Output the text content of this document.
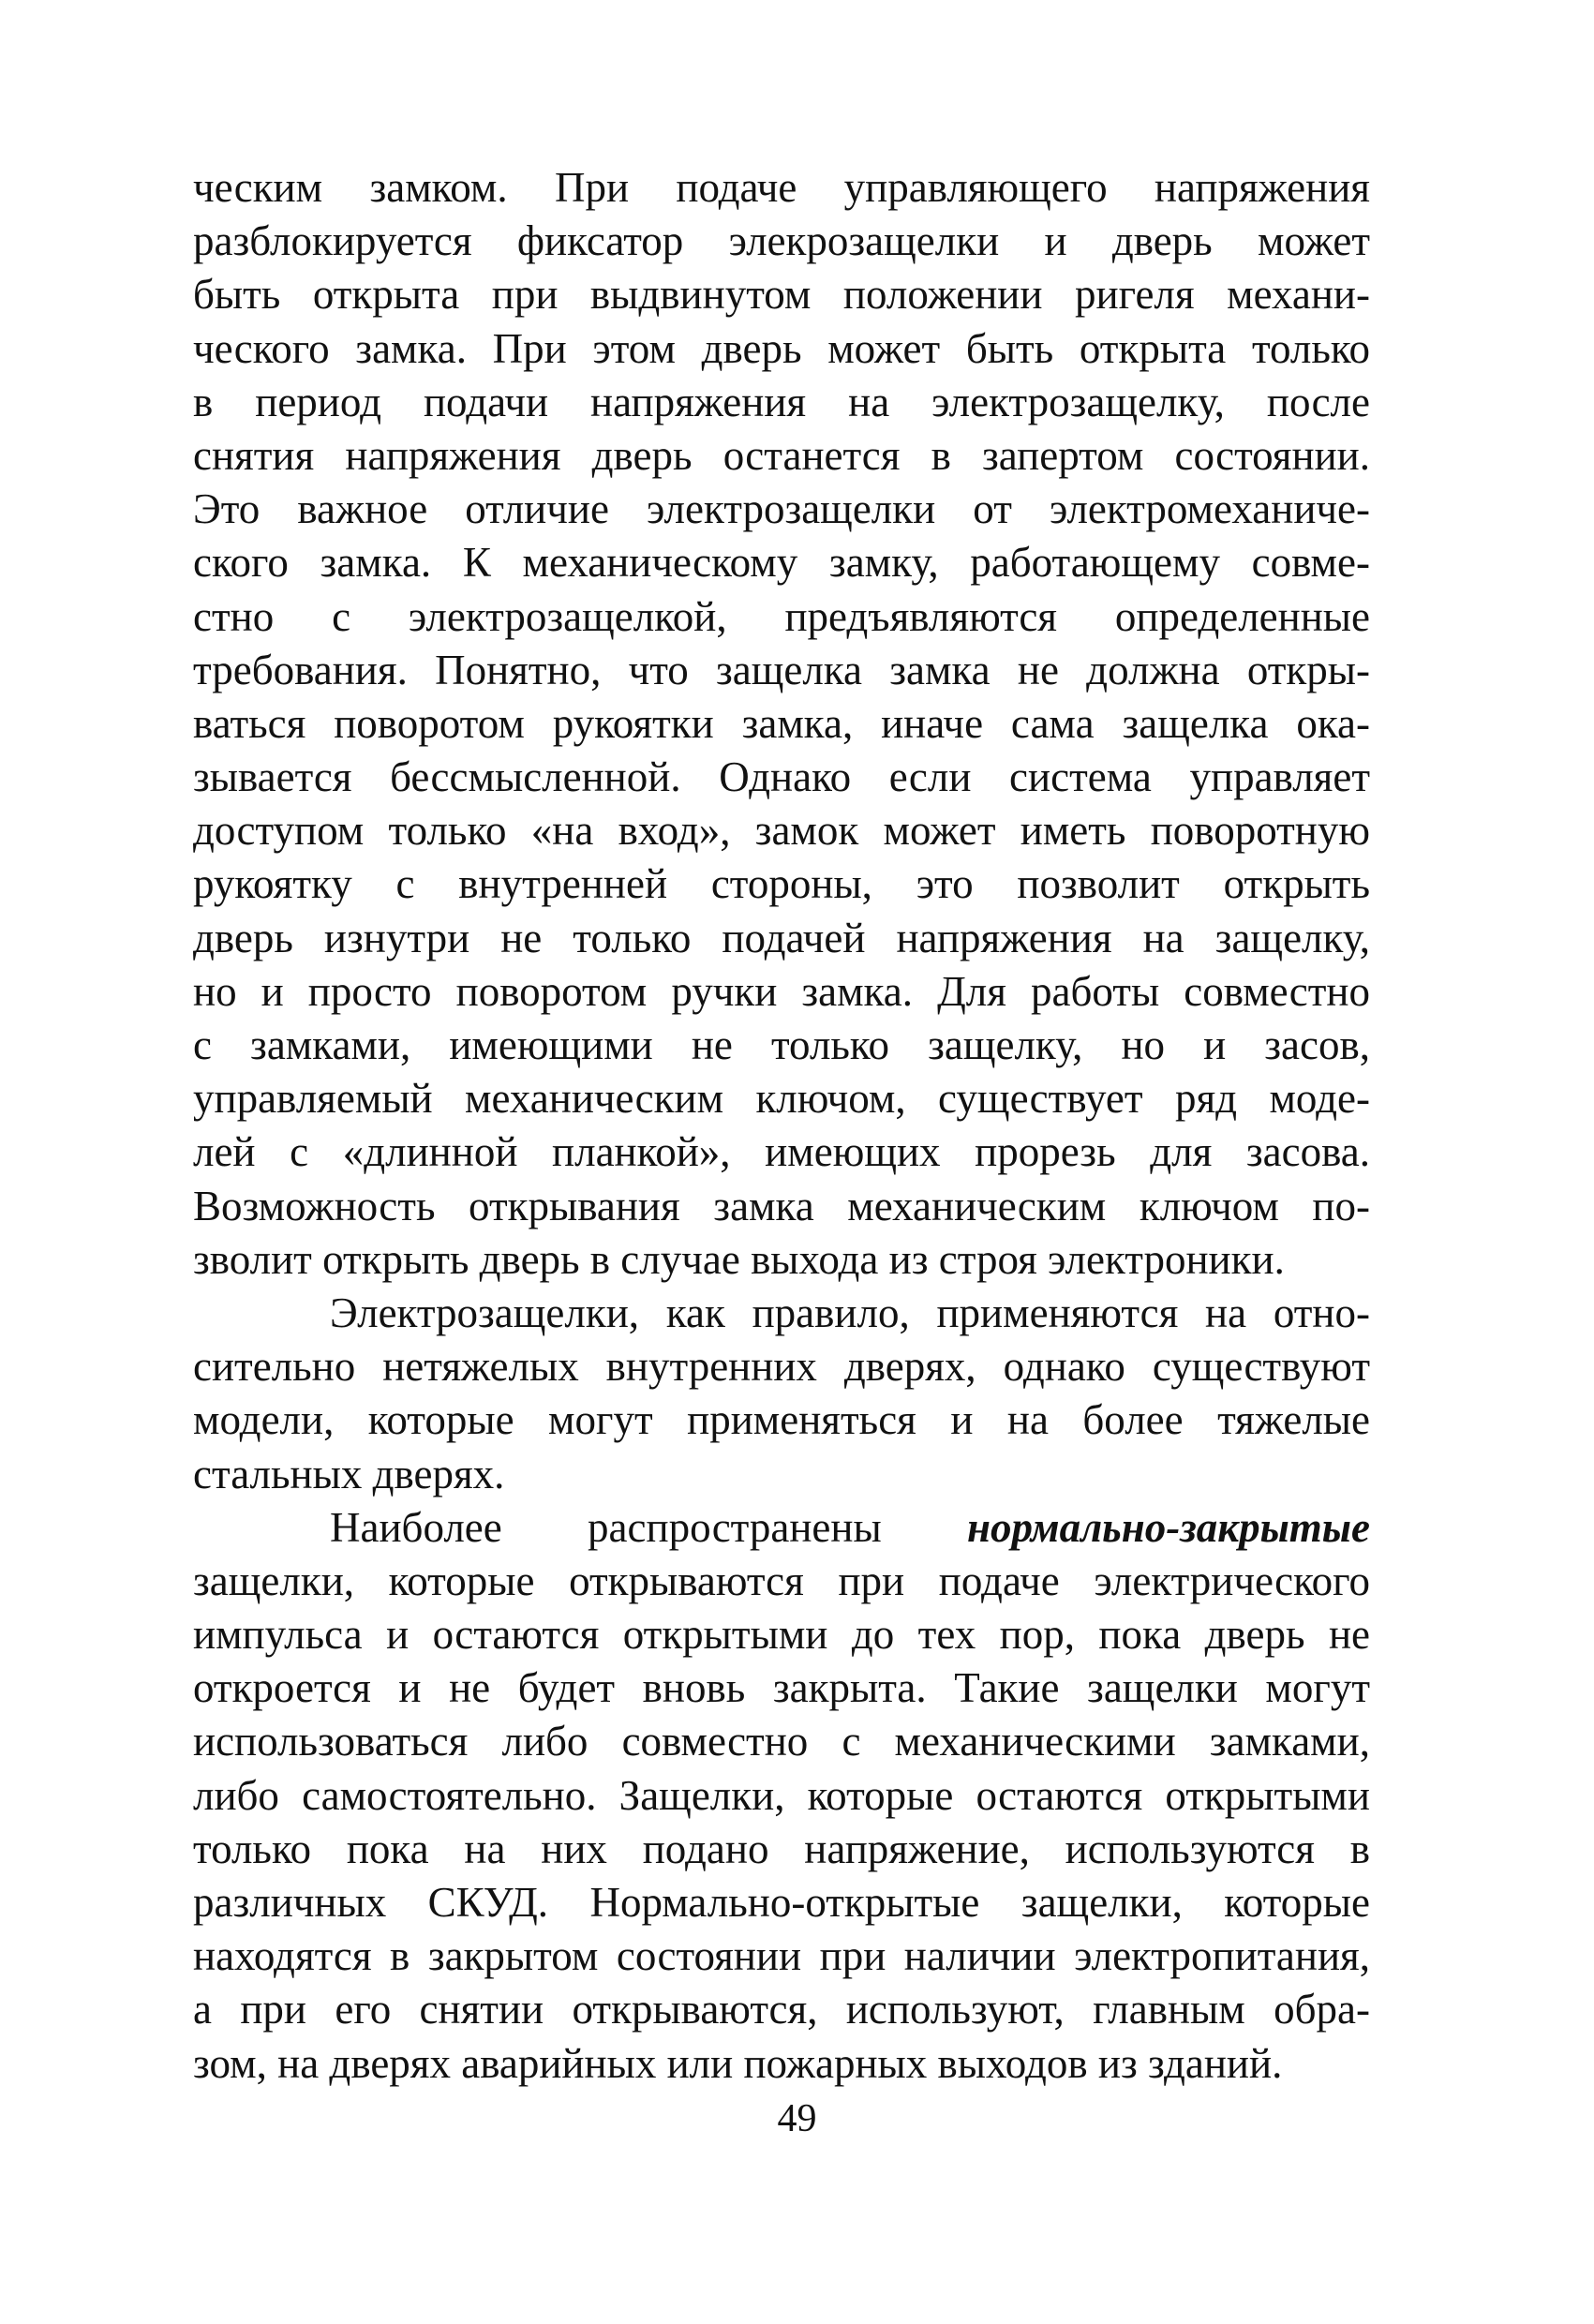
ческим замком. При подаче управляющего напряжения
разблокируется фиксатор элекрозащелки и дверь может
быть открыта при выдвинутом положении ригеля механи-
ческого замка. При этом дверь может быть открыта только
в период подачи напряжения на электрозащелку, после
снятия напряжения дверь останется в запертом состоянии.
Это важное отличие электрозащелки от электромеханиче-
ского замка. К механическому замку, работающему совме-
стно с электрозащелкой, предъявляются определенные
требования. Понятно, что защелка замка не должна откры-
ваться поворотом рукоятки замка, иначе сама защелка ока-
зывается бессмысленной. Однако если система управляет
доступом только «на вход», замок может иметь поворотную
рукоятку с внутренней стороны, это позволит открыть
дверь изнутри не только подачей напряжения на защелку,
но и просто поворотом ручки замка. Для работы совместно
с замками, имеющими не только защелку, но и засов,
управляемый механическим ключом, существует ряд моде-
лей с «длинной планкой», имеющих прорезь для засова.
Возможность открывания замка механическим ключом по-
зволит открыть дверь в случае выхода из строя электроники.
Электрозащелки, как правило, применяются на отно-
сительно нетяжелых внутренних дверях, однако существуют
модели, которые могут применяться и на более тяжелые
стальных дверях.
Наиболее распространены нормально-закрытые
защелки, которые открываются при подаче электрического
импульса и остаются открытыми до тех пор, пока дверь не
откроется и не будет вновь закрыта. Такие защелки могут
использоваться либо совместно с механическими замками,
либо самостоятельно. Защелки, которые остаются открытыми
только пока на них подано напряжение, используются в
различных СКУД. Нормально-открытые защелки, которые
находятся в закрытом состоянии при наличии электропитания,
а при его снятии открываются, используют, главным обра-
зом, на дверях аварийных или пожарных выходов из зданий.
49
